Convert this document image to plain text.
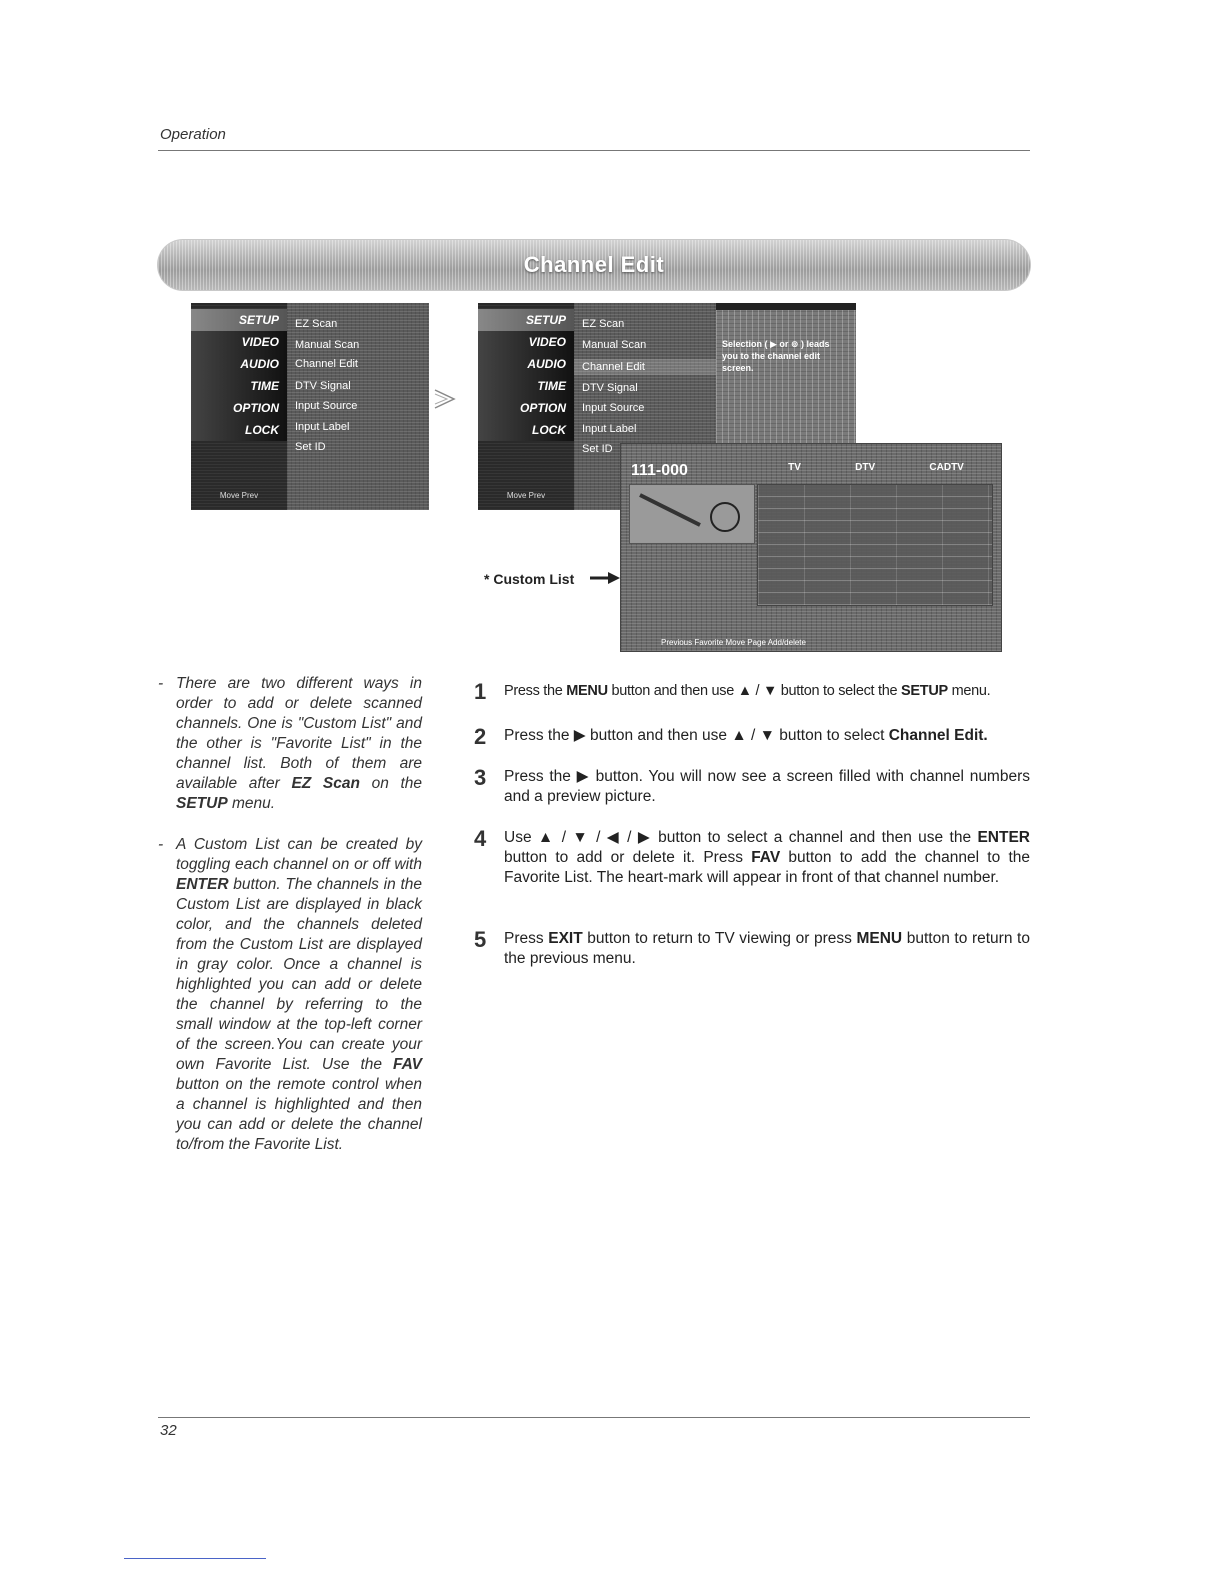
Operation
Channel Edit
SETUP
VIDEO
AUDIO
TIME
OPTION
LOCK
Move Prev
EZ Scan
Manual Scan
Channel Edit
DTV Signal
Input Source
Input Label
Set ID
SETUP
VIDEO
AUDIO
TIME
OPTION
LOCK
Move Prev
EZ Scan
Manual Scan
Channel Edit
DTV Signal
Input Source
Input Label
Set ID
Selection ( ▶ or ⊚ ) leads you to the channel edit screen.
111-000	TV	DTV	CADTV
Previous Favorite Move Page Add/delete
* Custom List
- There are two different ways in order to add or delete scanned channels. One is "Custom List" and the other is "Favorite List" in the channel list. Both of them are available after EZ Scan on the SETUP menu.
- A Custom List can be created by toggling each channel on or off with ENTER button. The channels in the Custom List are displayed in black color, and the channels deleted from the Custom List are displayed in gray color. Once a channel is highlighted you can add or delete the channel by referring to the small window at the top-left corner of the screen.You can create your own Favorite List. Use the FAV button on the remote control when a channel is highlighted and then you can add or delete the channel to/from the Favorite List.
1 Press the MENU button and then use ▲ / ▼ button to select the SETUP menu.
2 Press the ▶ button and then use ▲ / ▼ button to select Channel Edit.
3 Press the ▶ button. You will now see a screen filled with channel numbers and a preview picture.
4 Use ▲ / ▼ / ◀ / ▶ button to select a channel and then use the ENTER button to add or delete it. Press FAV button to add the channel to the Favorite List. The heart-mark will appear in front of that channel number.
5 Press EXIT button to return to TV viewing or press MENU button to return to the previous menu.
32
